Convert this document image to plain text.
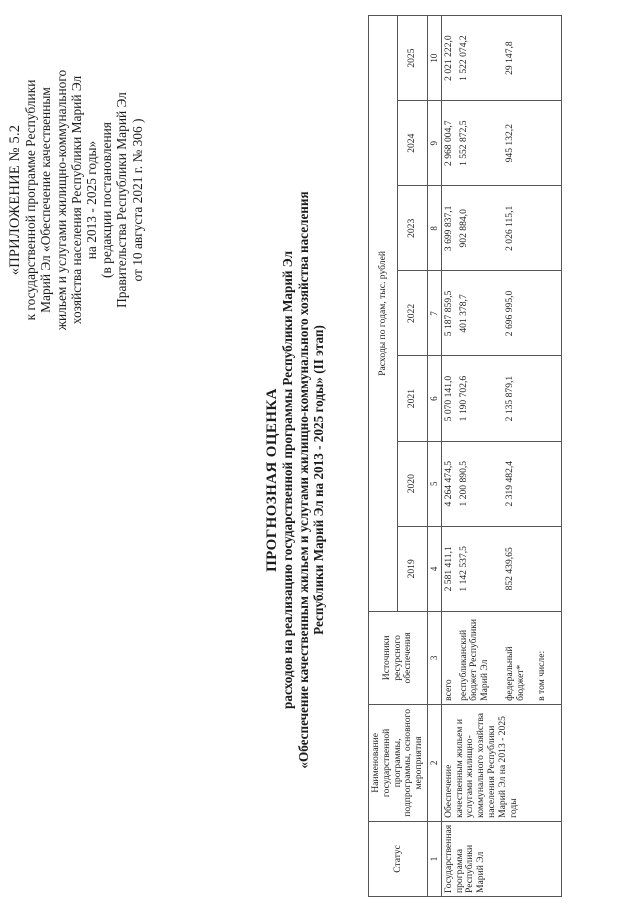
«ПРИЛОЖЕНИЕ № 5.2 к государственной программе Республики Марий Эл «Обеспечение качественным жильем и услугами жилищно-коммунального хозяйства населения Республики Марий Эл на 2013 - 2025 годы» (в редакции постановления Правительства Республики Марий Эл от 10 августа 2021 г. № 306 )
ПРОГНОЗНАЯ ОЦЕНКА расходов на реализацию государственной программы Республики Марий Эл «Обеспечение качественным жильем и услугами жилищно-коммунального хозяйства населения Республики Марий Эл на 2013 - 2025 годы» (II этап)
Статус	Наименование государственной программы, подпрограммы, основного мероприятия	Источники ресурсного обеспечения	Расходы по годам, тыс. рублей						
			2019	2020	2021	2022	2023	2024	2025
1	2	3	4	5	6	7	8	9	10
Государственная программа Республики Марий Эл	Обеспечение качественным жильем и услугами жилищно-коммунального хозяйства населения Республики Марий Эл на 2013 - 2025 годы	всего	2 581 411,1	4 264 474,5	5 070 141,0	5 187 859,5	3 699 837,1	2 968 004,7	2 021 222,0
		республиканский бюджет Республики Марий Эл	1 142 537,5	1 200 890,5	1 190 702,6	401 378,7	902 884,0	1 552 872,5	1 522 074,2
		федеральный бюджет*	852 439,65	2 319 482,4	2 135 879,1	2 696 995,0	2 026 115,1	945 132,2	29 147,8
		в том числе:							
